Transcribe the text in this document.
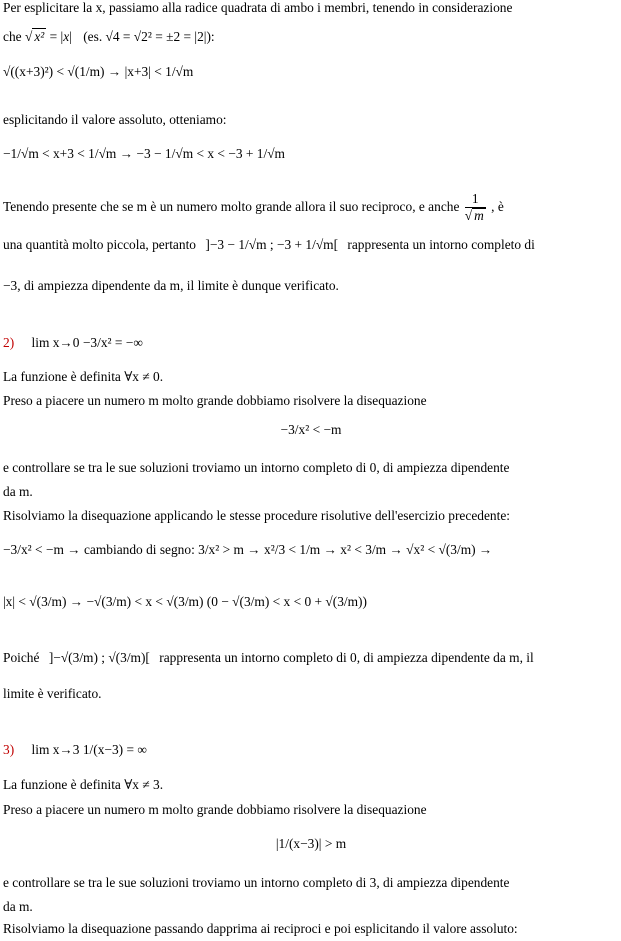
Per esplicitare la x, passiamo alla radice quadrata di ambo i membri, tenendo in considerazione
che √ x² = |x| (es. √4 = √2² = ±2 = |2|):
√((x+3)²) < √(1/m) → |x+3| < 1/√m
esplicitando il valore assoluto, otteniamo:
−1/√m < x+3 < 1/√m → −3 − 1/√m < x < −3 + 1/√m
Tenendo presente che se m è un numero molto grande allora il suo reciproco, e anche $\frac{1}{√ m}$ , è
una quantità molto piccola, pertanto ]−3 − 1/√m ; −3 + 1/√m[ rappresenta un intorno completo di
−3, di ampiezza dipendente da m, il limite è dunque verificato.
2) lim x→0 −3/x² = −∞
La funzione è definita ∀x ≠ 0.
Preso a piacere un numero m molto grande dobbiamo risolvere la disequazione
−3/x² < −m
e controllare se tra le sue soluzioni troviamo un intorno completo di 0, di ampiezza dipendente
da m.
Risolviamo la disequazione applicando le stesse procedure risolutive dell'esercizio precedente:
−3/x² < −m → cambiando di segno: 3/x² > m → x²/3 < 1/m → x² < 3/m → √x² < √(3/m) →
|x| < √(3/m) → −√(3/m) < x < √(3/m) (0 − √(3/m) < x < 0 + √(3/m))
Poiché ]−√(3/m) ; √(3/m)[ rappresenta un intorno completo di 0, di ampiezza dipendente da m, il
limite è verificato.
3) lim x→3 1/(x−3) = ∞
La funzione è definita ∀x ≠ 3.
Preso a piacere un numero m molto grande dobbiamo risolvere la disequazione
|1/(x−3)| > m
e controllare se tra le sue soluzioni troviamo un intorno completo di 3, di ampiezza dipendente
da m.
Risolviamo la disequazione passando dapprima ai reciproci e poi esplicitando il valore assoluto:
